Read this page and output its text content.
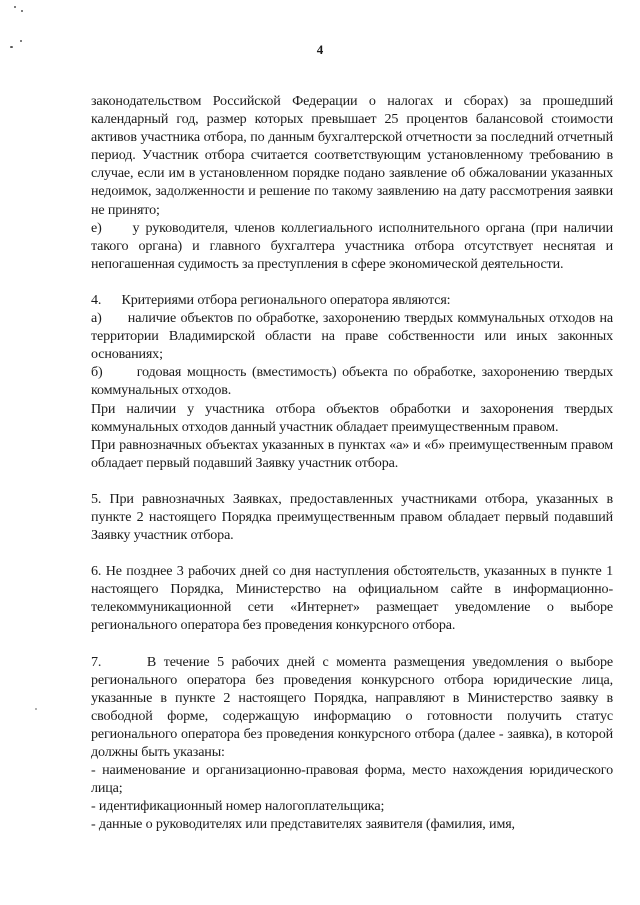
4

законодательством Российской Федерации о налогах и сборах) за прошедший календарный год, размер которых превышает 25 процентов балансовой стоимости активов участника отбора, по данным бухгалтерской отчетности за последний отчетный период. Участник отбора считается соответствующим установленному требованию в случае, если им в установленном порядке подано заявление об обжаловании указанных недоимок, задолженности и решение по такому заявлению на дату рассмотрения заявки не принято;

е)     у руководителя, членов коллегиального исполнительного органа (при наличии такого органа) и главного бухгалтера участника отбора отсутствует неснятая и непогашенная судимость за преступления в сфере экономической деятельности.

4.      Критериями отбора регионального оператора являются:

а)      наличие объектов по обработке, захоронению твердых коммунальных отходов на территории Владимирской области на праве собственности или иных законных основаниях;

б)      годовая мощность (вместимость) объекта по обработке, захоронению твердых коммунальных отходов.

При наличии у участника отбора объектов обработки и захоронения твердых коммунальных отходов данный участник обладает преимущественным правом.

При равнозначных объектах указанных в пунктах «а» и «б» преимущественным правом обладает первый подавший Заявку участник отбора.

5. При равнозначных Заявках, предоставленных участниками отбора, указанных в пункте 2 настоящего Порядка преимущественным правом обладает первый подавший Заявку участник отбора.

6. Не позднее 3 рабочих дней со дня наступления обстоятельств, указанных в пункте 1 настоящего Порядка, Министерство на официальном сайте в информационно-телекоммуникационной сети «Интернет» размещает уведомление о выборе регионального оператора без проведения конкурсного отбора.

7.      В течение 5 рабочих дней с момента размещения уведомления о выборе регионального оператора без проведения конкурсного отбора юридические лица, указанные в пункте 2 настоящего Порядка, направляют в Министерство заявку в свободной форме, содержащую информацию о готовности получить статус регионального оператора без проведения конкурсного отбора (далее - заявка), в которой должны быть указаны:

- наименование и организационно-правовая форма, место нахождения юридического лица;

- идентификационный номер налогоплательщика;

- данные о руководителях или представителях заявителя (фамилия, имя,
